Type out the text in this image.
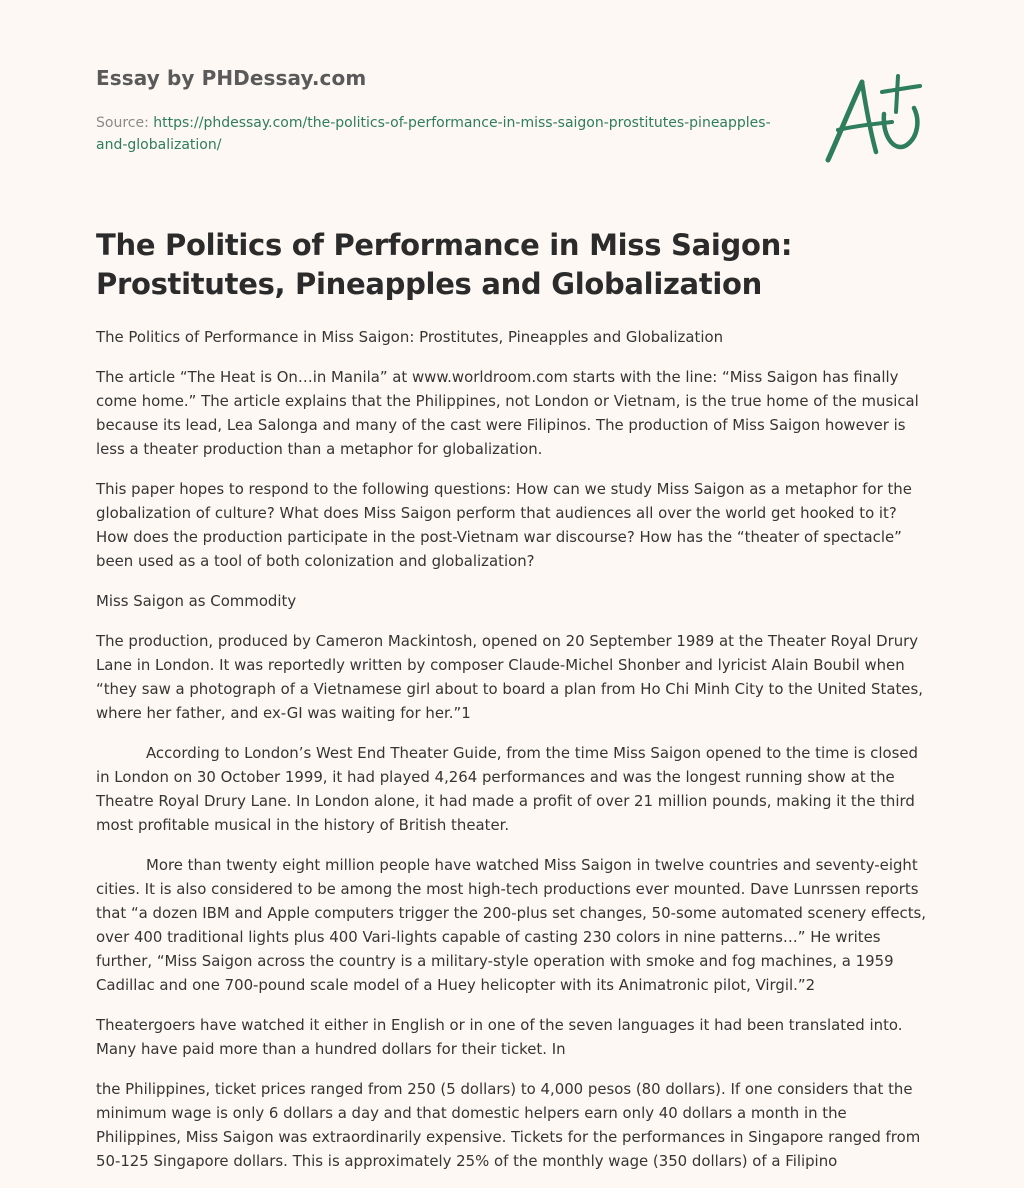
Essay by PHDessay.com

Source: https://phdessay.com/the-politics-of-performance-in-miss-saigon-prostitutes-pineapples-and-globalization/

The Politics of Performance in Miss Saigon: Prostitutes, Pineapples and Globalization

The Politics of Performance in Miss Saigon: Prostitutes, Pineapples and Globalization

The article “The Heat is On…in Manila” at www.worldroom.com starts with the line: “Miss Saigon has finally come home.” The article explains that the Philippines, not London or Vietnam, is the true home of the musical because its lead, Lea Salonga and many of the cast were Filipinos. The production of Miss Saigon however is less a theater production than a metaphor for globalization.

This paper hopes to respond to the following questions: How can we study Miss Saigon as a metaphor for the globalization of culture? What does Miss Saigon perform that audiences all over the world get hooked to it? How does the production participate in the post-Vietnam war discourse? How has the “theater of spectacle” been used as a tool of both colonization and globalization?

Miss Saigon as Commodity

The production, produced by Cameron Mackintosh, opened on 20 September 1989 at the Theater Royal Drury Lane in London. It was reportedly written by composer Claude-Michel Shonber and lyricist Alain Boubil when “they saw a photograph of a Vietnamese girl about to board a plan from Ho Chi Minh City to the United States, where her father, and ex-GI was waiting for her.”1

According to London’s West End Theater Guide, from the time Miss Saigon opened to the time is closed in London on 30 October 1999, it had played 4,264 performances and was the longest running show at the Theatre Royal Drury Lane. In London alone, it had made a profit of over 21 million pounds, making it the third most profitable musical in the history of British theater.

More than twenty eight million people have watched Miss Saigon in twelve countries and seventy-eight cities. It is also considered to be among the most high-tech productions ever mounted. Dave Lunrssen reports that “a dozen IBM and Apple computers trigger the 200-plus set changes, 50-some automated scenery effects, over 400 traditional lights plus 400 Vari-lights capable of casting 230 colors in nine patterns…” He writes further, “Miss Saigon across the country is a military-style operation with smoke and fog machines, a 1959 Cadillac and one 700-pound scale model of a Huey helicopter with its Animatronic pilot, Virgil.”2

Theatergoers have watched it either in English or in one of the seven languages it had been translated into. Many have paid more than a hundred dollars for their ticket. In

the Philippines, ticket prices ranged from 250 (5 dollars) to 4,000 pesos (80 dollars). If one considers that the minimum wage is only 6 dollars a day and that domestic helpers earn only 40 dollars a month in the Philippines, Miss Saigon was extraordinarily expensive. Tickets for the performances in Singapore ranged from 50-125 Singapore dollars. This is approximately 25% of the monthly wage (350 dollars) of a Filipino
